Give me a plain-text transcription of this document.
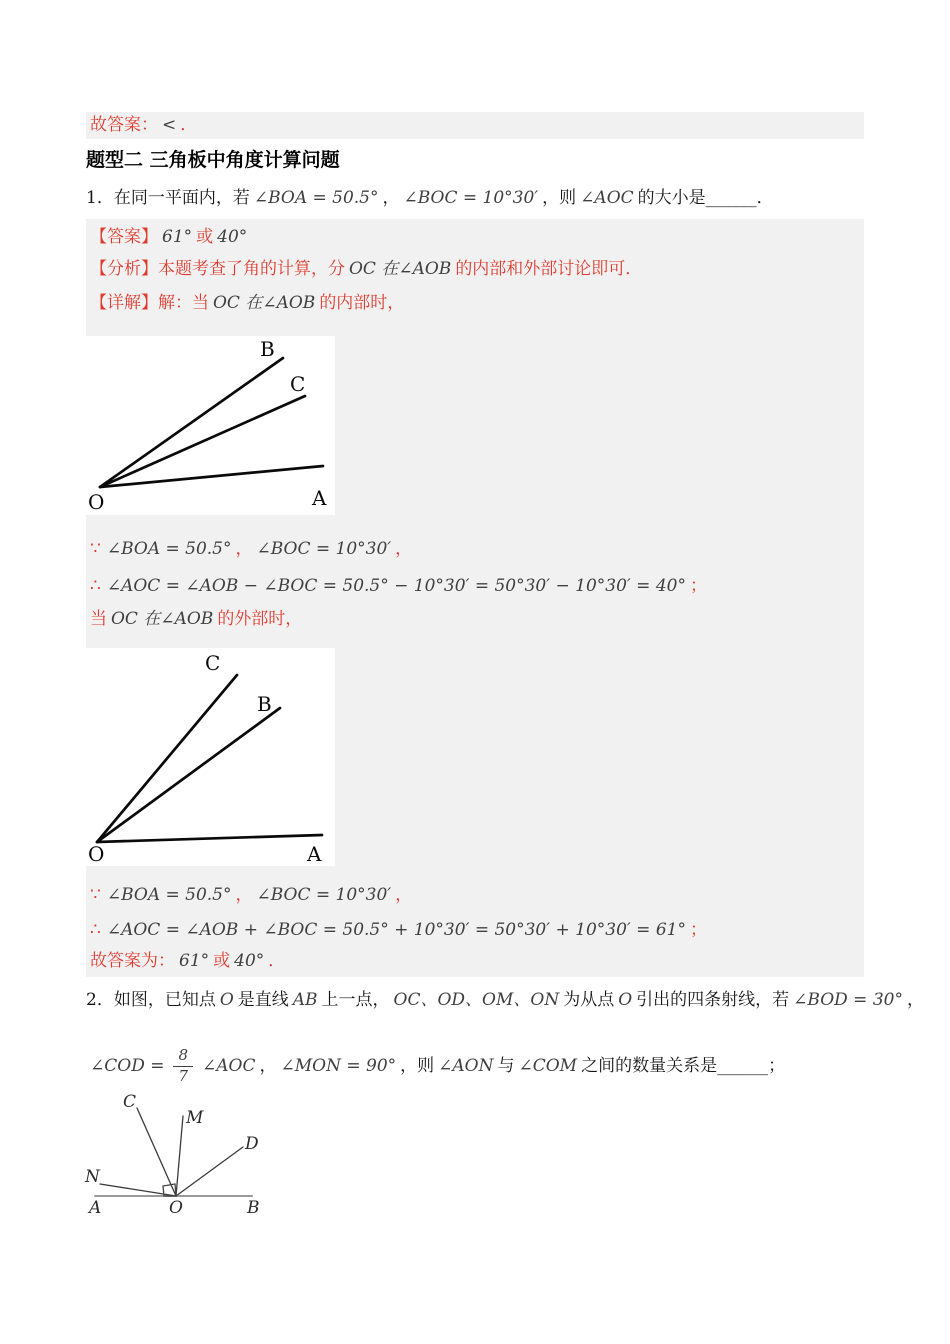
故答案： < ．

题型二 三角板中角度计算问题

1．在同一平面内，若 ∠BOA = 50.5° ， ∠BOC = 10°30′ ，则 ∠AOC 的大小是______．

【答案】 61° 或 40°

【分析】本题考查了角的计算，分 OC 在∠AOB 的内部和外部讨论即可．

【详解】解：当 OC 在∠AOB 的内部时，

B
C
O	A

∵ ∠BOA = 50.5° ， ∠BOC = 10°30′ ，

∴ ∠AOC = ∠AOB − ∠BOC = 50.5° − 10°30′ = 50°30′ − 10°30′ = 40° ；

当 OC 在∠AOB 的外部时，

C
B
O	A

∵ ∠BOA = 50.5° ， ∠BOC = 10°30′ ，

∴ ∠AOC = ∠AOB + ∠BOC = 50.5° + 10°30′ = 50°30′ + 10°30′ = 61° ；

故答案为： 61° 或 40° ．

2．如图，已知点 O 是直线 AB 上一点， OC、OD、OM、ON 为从点 O 引出的四条射线，若 ∠BOD = 30° ，

∠COD = $\frac{8}{7}$ ∠AOC ， ∠MON = 90° ，则 ∠AON 与 ∠COM 之间的数量关系是______；

C
M
D
N
A	O	B
